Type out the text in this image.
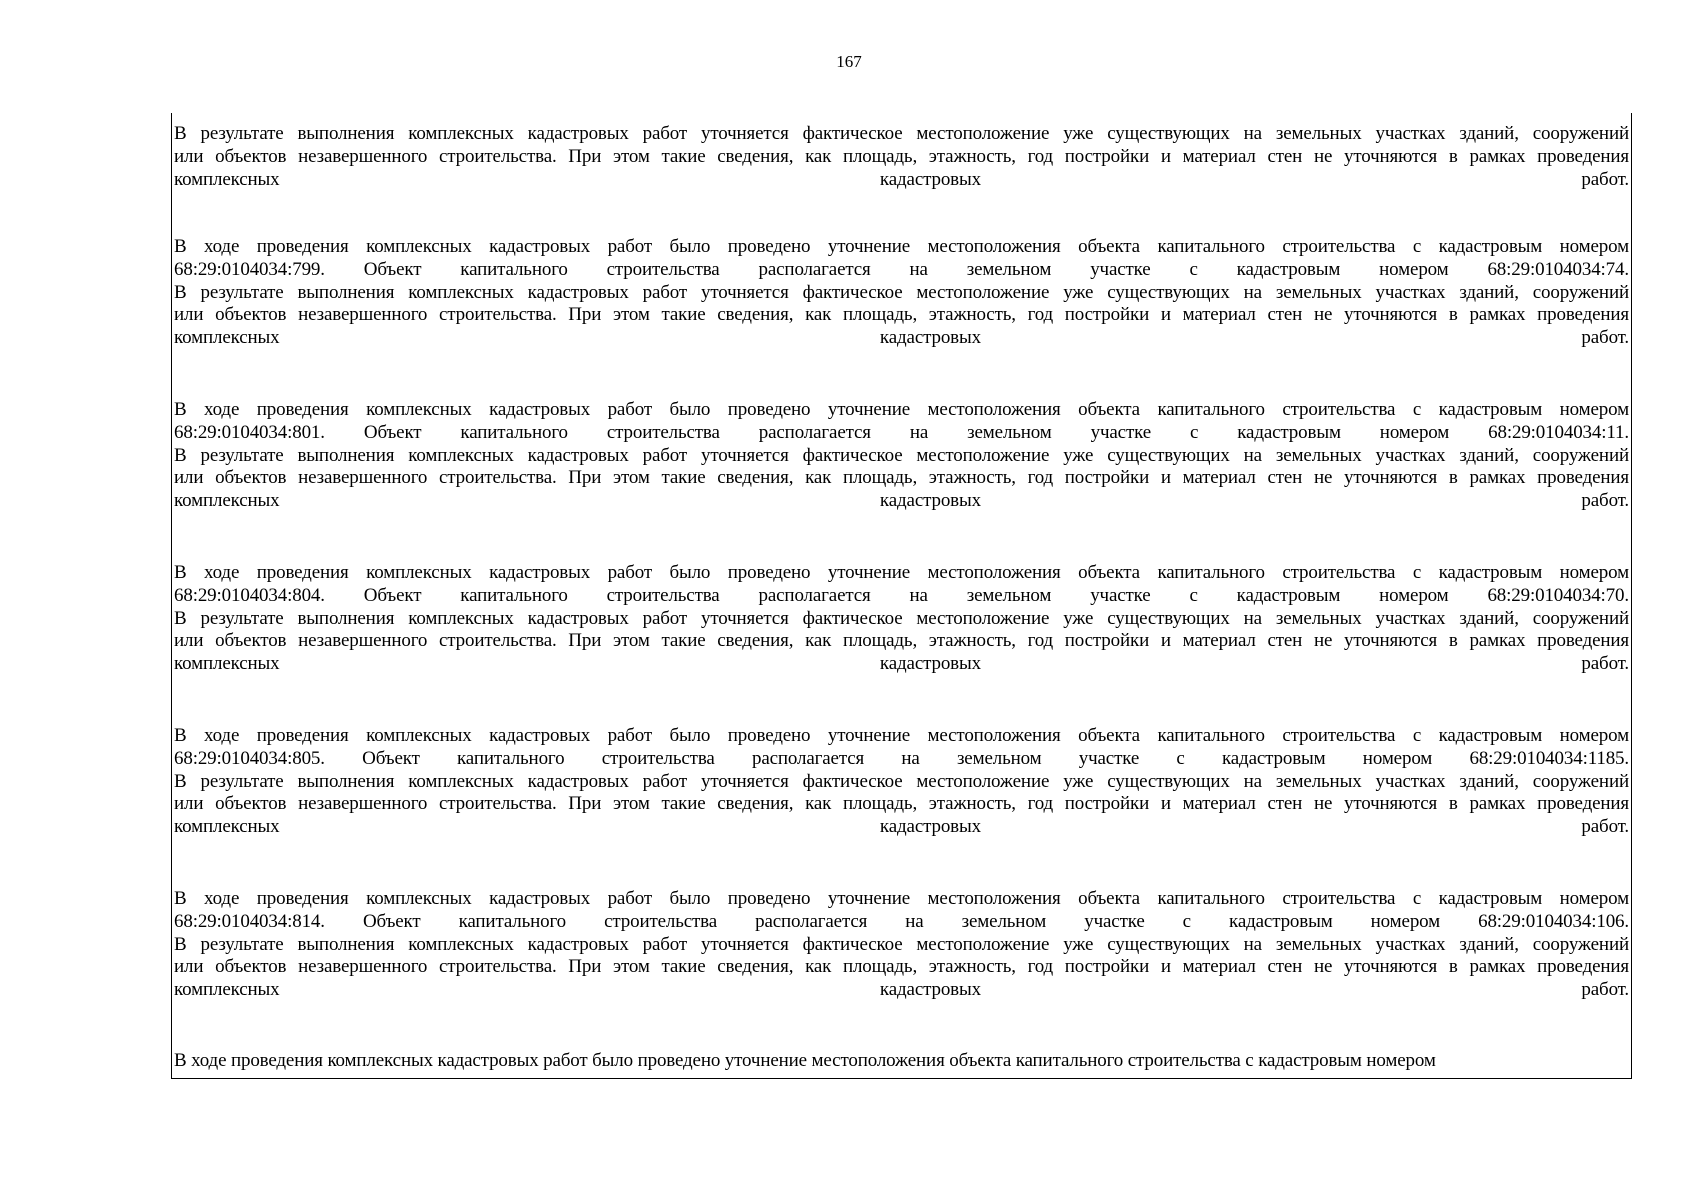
167
В результате выполнения комплексных кадастровых работ уточняется фактическое местоположение уже существующих на земельных участках зданий, сооружений
или объектов незавершенного строительства. При этом такие сведения, как площадь, этажность, год постройки и материал стен не уточняются в рамках проведения
комплексных кадастровых работ.
В ходе проведения комплексных кадастровых работ было проведено уточнение местоположения объекта капитального строительства с кадастровым номером
68:29:0104034:799. Объект капитального строительства располагается на земельном участке с кадастровым номером 68:29:0104034:74.
В результате выполнения комплексных кадастровых работ уточняется фактическое местоположение уже существующих на земельных участках зданий, сооружений
или объектов незавершенного строительства. При этом такие сведения, как площадь, этажность, год постройки и материал стен не уточняются в рамках проведения
комплексных кадастровых работ.
В ходе проведения комплексных кадастровых работ было проведено уточнение местоположения объекта капитального строительства с кадастровым номером
68:29:0104034:801. Объект капитального строительства располагается на земельном участке с кадастровым номером 68:29:0104034:11.
В результате выполнения комплексных кадастровых работ уточняется фактическое местоположение уже существующих на земельных участках зданий, сооружений
или объектов незавершенного строительства. При этом такие сведения, как площадь, этажность, год постройки и материал стен не уточняются в рамках проведения
комплексных кадастровых работ.
В ходе проведения комплексных кадастровых работ было проведено уточнение местоположения объекта капитального строительства с кадастровым номером
68:29:0104034:804. Объект капитального строительства располагается на земельном участке с кадастровым номером 68:29:0104034:70.
В результате выполнения комплексных кадастровых работ уточняется фактическое местоположение уже существующих на земельных участках зданий, сооружений
или объектов незавершенного строительства. При этом такие сведения, как площадь, этажность, год постройки и материал стен не уточняются в рамках проведения
комплексных кадастровых работ.
В ходе проведения комплексных кадастровых работ было проведено уточнение местоположения объекта капитального строительства с кадастровым номером
68:29:0104034:805. Объект капитального строительства располагается на земельном участке с кадастровым номером 68:29:0104034:1185.
В результате выполнения комплексных кадастровых работ уточняется фактическое местоположение уже существующих на земельных участках зданий, сооружений
или объектов незавершенного строительства. При этом такие сведения, как площадь, этажность, год постройки и материал стен не уточняются в рамках проведения
комплексных кадастровых работ.
В ходе проведения комплексных кадастровых работ было проведено уточнение местоположения объекта капитального строительства с кадастровым номером
68:29:0104034:814. Объект капитального строительства располагается на земельном участке с кадастровым номером 68:29:0104034:106.
В результате выполнения комплексных кадастровых работ уточняется фактическое местоположение уже существующих на земельных участках зданий, сооружений
или объектов незавершенного строительства. При этом такие сведения, как площадь, этажность, год постройки и материал стен не уточняются в рамках проведения
комплексных кадастровых работ.
В ходе проведения комплексных кадастровых работ было проведено уточнение местоположения объекта капитального строительства с кадастровым номером
